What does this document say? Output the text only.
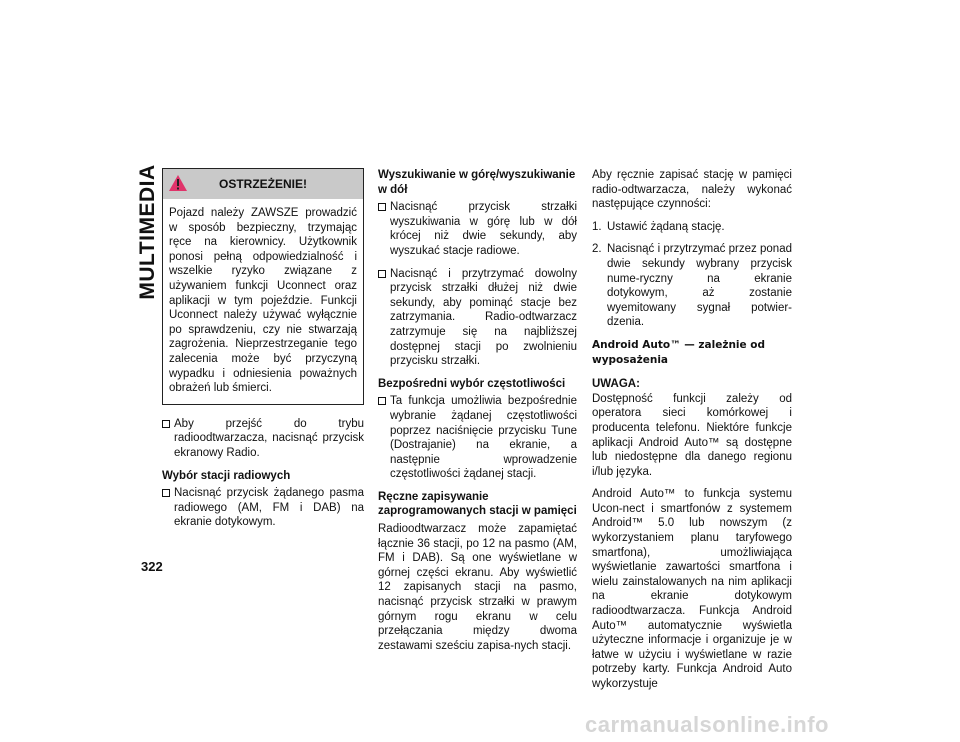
MULTIMEDIA
322
OSTRZEŻENIE!
Pojazd należy ZAWSZE prowadzić w sposób bezpieczny, trzymając ręce na kierownicy. Użytkownik ponosi pełną odpowiedzialność i wszelkie ryzyko związane z używaniem funkcji Uconnect oraz aplikacji w tym pojeździe. Funkcji Uconnect należy używać wyłącznie po sprawdzeniu, czy nie stwarzają zagrożenia. Nieprzestrzeganie tego zalecenia może być przyczyną wypadku i odniesienia poważnych obrażeń lub śmierci.
Aby przejść do trybu radioodtwarzacza, nacisnąć przycisk ekranowy Radio.
Wybór stacji radiowych
Nacisnąć przycisk żądanego pasma radiowego (AM, FM i DAB) na ekranie dotykowym.
Wyszukiwanie w górę/wyszukiwanie w dół
Nacisnąć przycisk strzałki wyszukiwania w górę lub w dół krócej niż dwie sekundy, aby wyszukać stacje radiowe.
Nacisnąć i przytrzymać dowolny przycisk strzałki dłużej niż dwie sekundy, aby pominąć stacje bez zatrzymania. Radio-odtwarzacz zatrzymuje się na najbliższej dostępnej stacji po zwolnieniu przycisku strzałki.
Bezpośredni wybór częstotliwości
Ta funkcja umożliwia bezpośrednie wybranie żądanej częstotliwości poprzez naciśnięcie przycisku Tune (Dostrajanie) na ekranie, a następnie wprowadzenie częstotliwości żądanej stacji.
Ręczne zapisywanie zaprogramowanych stacji w pamięci

Radioodtwarzacz może zapamiętać łącznie 36 stacji, po 12 na pasmo (AM, FM i DAB). Są one wyświetlane w górnej części ekranu. Aby wyświetlić 12 zapisanych stacji na pasmo, nacisnąć przycisk strzałki w prawym górnym rogu ekranu w celu przełączania między dwoma zestawami sześciu zapisa-nych stacji.

Aby ręcznie zapisać stację w pamięci radio-odtwarzacza, należy wykonać następujące czynności:

1. Ustawić żądaną stację.
2. Nacisnąć i przytrzymać przez ponad dwie sekundy wybrany przycisk nume-ryczny na ekranie dotykowym, aż zostanie wyemitowany sygnał potwier-dzenia.
Android Auto™ — zależnie od wyposażenia
UWAGA:

Dostępność funkcji zależy od operatora sieci komórkowej i producenta telefonu. Niektóre funkcje aplikacji Android Auto™ są dostępne lub niedostępne dla danego regionu i/lub języka.

Android Auto™ to funkcja systemu Ucon-nect i smartfonów z systemem Android™ 5.0 lub nowszym (z wykorzystaniem planu taryfowego smartfona), umożliwiająca wyświetlanie zawartości smartfona i wielu zainstalowanych na nim aplikacji na ekranie dotykowym radioodtwarzacza. Funkcja Android Auto™ automatycznie wyświetla użyteczne informacje i organizuje je w łatwe w użyciu i wyświetlane w razie potrzeby karty. Funkcja Android Auto wykorzystuje

carmanualsonline.info
